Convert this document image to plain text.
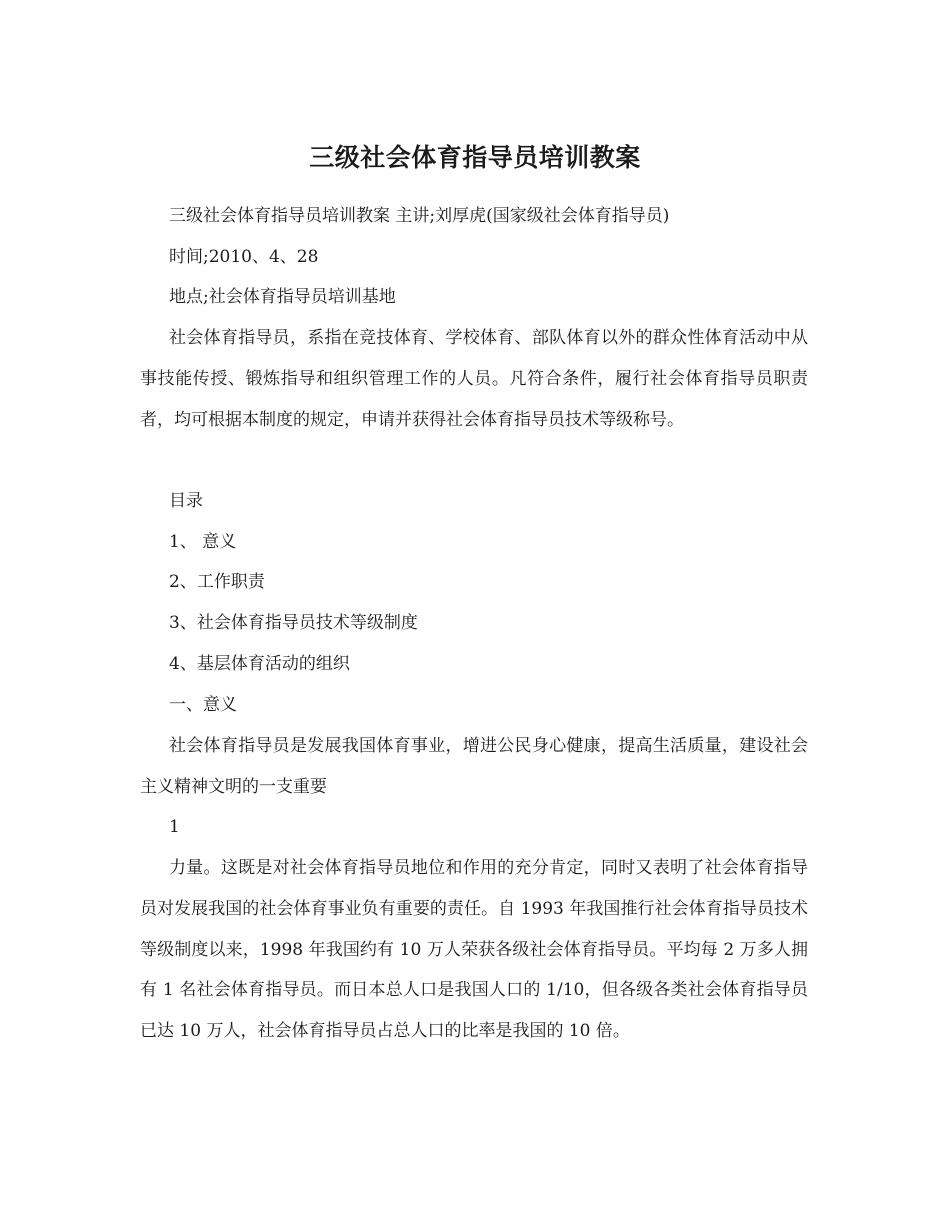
三级社会体育指导员培训教案
三级社会体育指导员培训教案 主讲;刘厚虎(国家级社会体育指导员)
时间;2010、4、28
地点;社会体育指导员培训基地
社会体育指导员，系指在竞技体育、学校体育、部队体育以外的群众性体育活动中从事技能传授、锻炼指导和组织管理工作的人员。凡符合条件，履行社会体育指导员职责者，均可根据本制度的规定，申请并获得社会体育指导员技术等级称号。
目录
1、 意义
2、工作职责
3、社会体育指导员技术等级制度
4、基层体育活动的组织
一、意义
社会体育指导员是发展我国体育事业，增进公民身心健康，提高生活质量，建设社会主义精神文明的一支重要
1
力量。这既是对社会体育指导员地位和作用的充分肯定，同时又表明了社会体育指导员对发展我国的社会体育事业负有重要的责任。自 1993 年我国推行社会体育指导员技术等级制度以来，1998 年我国约有 10 万人荣获各级社会体育指导员。平均每 2 万多人拥有 1 名社会体育指导员。而日本总人口是我国人口的 1/10，但各级各类社会体育指导员已达 10 万人，社会体育指导员占总人口的比率是我国的 10 倍。
